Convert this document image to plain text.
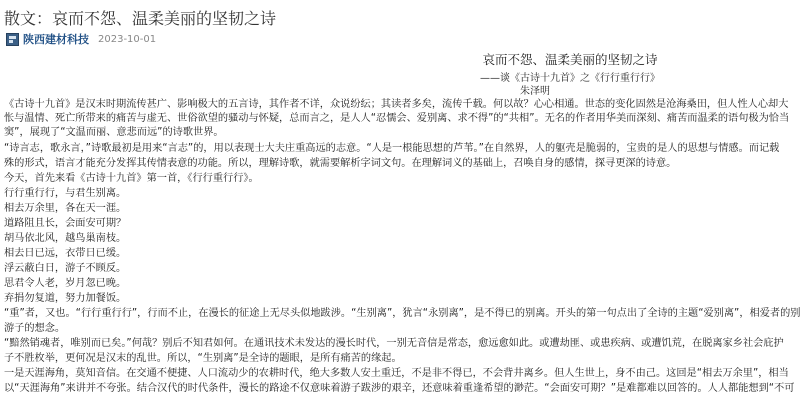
散文：哀而不怨、温柔美丽的坚韧之诗
陕西建材科技 2023-10-01
哀而不怨、温柔美丽的坚韧之诗
——谈《古诗十九首》之《行行重行行》
朱泽明
《古诗十九首》是汉末时期流传甚广、影响极大的五言诗，其作者不详，众说纷纭；其读者多矣，流传千载。何以故？心心相通。世态的变化固然是沧海桑田，但人性人心却大
怅与温情、死亡所带来的痛苦与虚无、世俗欲望的骚动与怀疑，总而言之，是人人“忍懦会、爱别离、求不得”的“共相”。无名的作者用华美而深刻、痛苦而温柔的语句极为恰当
窦”，展现了“文温而丽、意悲而远”的诗歌世界。
“诗言志，歌永言，”诗歌最初是用来“言志”的，用以表现士大夫庄重高远的志意。“人是一根能思想的芦苇。”在自然界，人的躯壳是脆弱的，宝贵的是人的思想与情感。而记载
殊的形式，语言才能充分发挥其传情表意的功能。所以，理解诗歌，就需要解析字词文句。在理解词义的基础上，召唤自身的感情，探寻更深的诗意。
今天，首先来看《古诗十九首》第一首，《行行重行行》。
行行重行行，与君生别离。
相去万余里，各在天一涯。
道路阻且长，会面安可期？
胡马依北风，越鸟巢南枝。
相去日已远，衣带日已缓。
浮云蔽白日，游子不顾反。
思君令人老，岁月忽已晚。
弃捐勿复道，努力加餐饭。
“重”者，又也。“行行重行行”，行而不止，在漫长的征途上无尽头似地跋涉。“生别离”，犹言“永别离”，是不得已的别离。开头的第一句点出了全诗的主题“爱别离”，相爱者的别
游子的想念。
“黯然销魂者，唯别而已矣。”何哉？别后不知君如何。在通讯技术未发达的漫长时代，一别无音信是常态，愈远愈如此。或遭劫匪、或患疾病、或遭饥荒，在脱离家乡社会庇护
子不胜枚举，更何况是汉末的乱世。所以，“生别离”是全诗的题眼，是所有痛苦的缘起。
一是天涯海角，莫知音信。在交通不便捷、人口流动少的农耕时代，绝大多数人安土重迁，不是非不得已，不会背井离乡。但人生世上，身不由己。这回是“相去万余里”，相当
以“天涯海角”来讲并不夸张。结合汉代的时代条件，漫长的路途不仅意味着游子跋涉的艰辛，还意味着重逢希望的渺茫。“会面安可期？”是难都难以回答的。人人都能想到“不可
